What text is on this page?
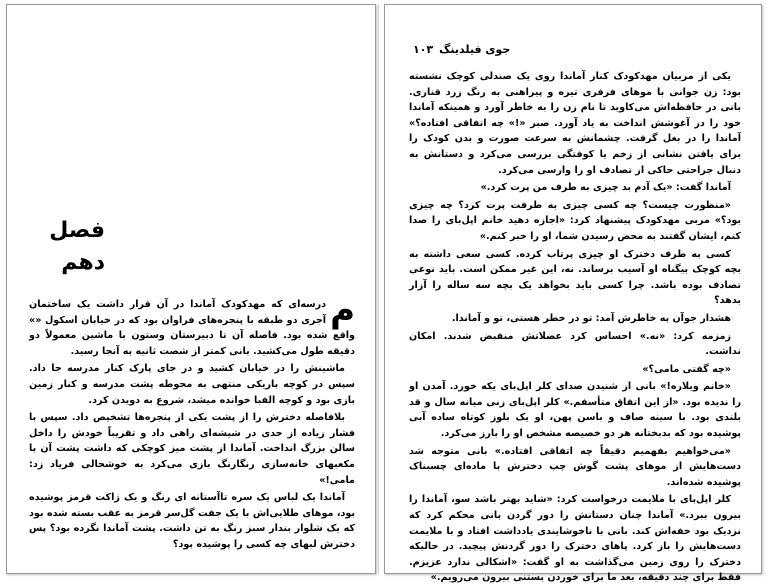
فصل
دهم

م
درسه‌ای که مهدکودک آماندا در آن قرار داشت یک ساختمان آجری دو طبقه با پنجره‌های فراوان بود که در خیابان اسکول «» واقع شده بود. فاصله آن تا دبیرستان وستون با ماشین معمولاً دو دقیقه طول می‌کشید. بانی کمتر از شصت ثانیه به آنجا رسید.

ماشینش را در خیابان کشید و در جای پارک کنار مدرسه جا داد. سپس در کوچه باریکی منتهی به محوطه پشت مدرسه و کنار زمین بازی بود و کوچه الفبا خوانده میشد، شروع به دویدن کرد.

بلافاصله دخترش را از پشت یکی از پنجره‌ها تشخیص داد. سپس با فشار زیاده از حدی در شیشه‌ای راهی داد و تقریباً خودش را داخل سالن بزرگ انداخت. آماندا از پشت میز کوچکی که داشت پشت آن با مکعبهای خانه‌سازی رنگارنگ بازی می‌کرد به خوشحالی فریاد زد: مامی!»

آماندا یک لباس یک سره تاآستانه ای رنگ و یک ژاکت قرمز پوشیده بود، موهای طلایی‌اش با یک جفت گل‌سر قرمز به عقب بسته شده بود که یک شلوار بندار سبز رنگ به تن داشت. پشت آماندا نگرده بود؟ پس دخترش لبهای چه کسی را پوشیده بود؟

جوی فیلدینگ۱۰۳

یکی از مربیان مهدکودک کنار آماندا روی یک صندلی کوچک نشسته بود: زن جوانی با موهای فرفری تیره و پیراهنی به رنگ زرد قناری. بانی در حافظه‌اش می‌کاوید تا نام زن را به خاطر آورد و همینکه آماندا خود را در آغوشش انداخت به یاد آورد. صبر «!» چه اتفاقی افتاده؟» آماندا را در بغل گرفت. چشمانش به سرعت صورت و بدن کودک را برای یافتن نشانی از زخم یا کوفتگی بررسی می‌کرد و دستانش به دنبال جراحتی حاکی از تصادف او را وارسی می‌کرد.

آماندا گفت: «یک آدم بد چیزی به طرف من پرت کرد.»

«منظورت چیست؟ چه کسی چیزی به طرفت پرت کرد؟ چه چیزی بود؟» مربی مهدکودک پیشنهاد کرد: «اجازه دهید خانم اپل‌بای را صدا کنم، ایشان گفتند به محض رسیدن شما، او را خبر کنم.»

کسی به طرف دخترک او چیزی پرتاب کرده. کسی سعی داشته به بچه کوچک بیگناه او آسیب برساند. نه، این غیر ممکن است. باید نوعی تصادف بوده باشد. چرا کسی باید بخواهد یک بچه سه ساله را آزار بدهد؟

هشدار جوآن به خاطرش آمد: تو در خطر هستی، تو و آماندا.

زمزمه کرد: «نه.» احساس کرد عضلاتش منقبض شدند. امکان نداشت.

«چه گفتی مامی؟»

«خانم ویلاره!» بانی از شنیدن صدای کلر اپل‌بای یکه خورد. آمدن او را ندیده بود. «از این اتفاق متأسفم.» کلر اپل‌بای زنی میانه سال و قد بلندی بود. با سینه صاف و باسن پهن، او یک بلوز کوتاه ساده آبی پوشیده بود که بدبختانه هر دو خصیصه مشخص او را بارز می‌کرد.

«می‌خواهیم بفهمیم دقیقاً چه اتفاقی افتاده.» بانی متوجه شد دست‌هایش از موهای پشت گوش چپ دخترش با ماده‌ای چسبناک پوشیده شده‌اند.

کلر اپل‌بای با ملایمت درخواست کرد: «شاید بهتر باشد سو، آماندا را بیرون ببرد.» آماندا چنان دستانش را دور گردن بانی محکم کرد که نزدیک بود خفه‌اش کند. بانی با ناخوشایندی یادداشت افتاد و با ملایمت دست‌هایش را باز کرد. پاهای دخترک را دور گردنش پیچید. در حالیکه دخترک را روی زمین می‌گذاشت به او گفت: «اشکالی ندارد عزیزم. فقط برای چند دقیقه، بعد ما برای خوردن بستنی بیرون می‌رویم.»
